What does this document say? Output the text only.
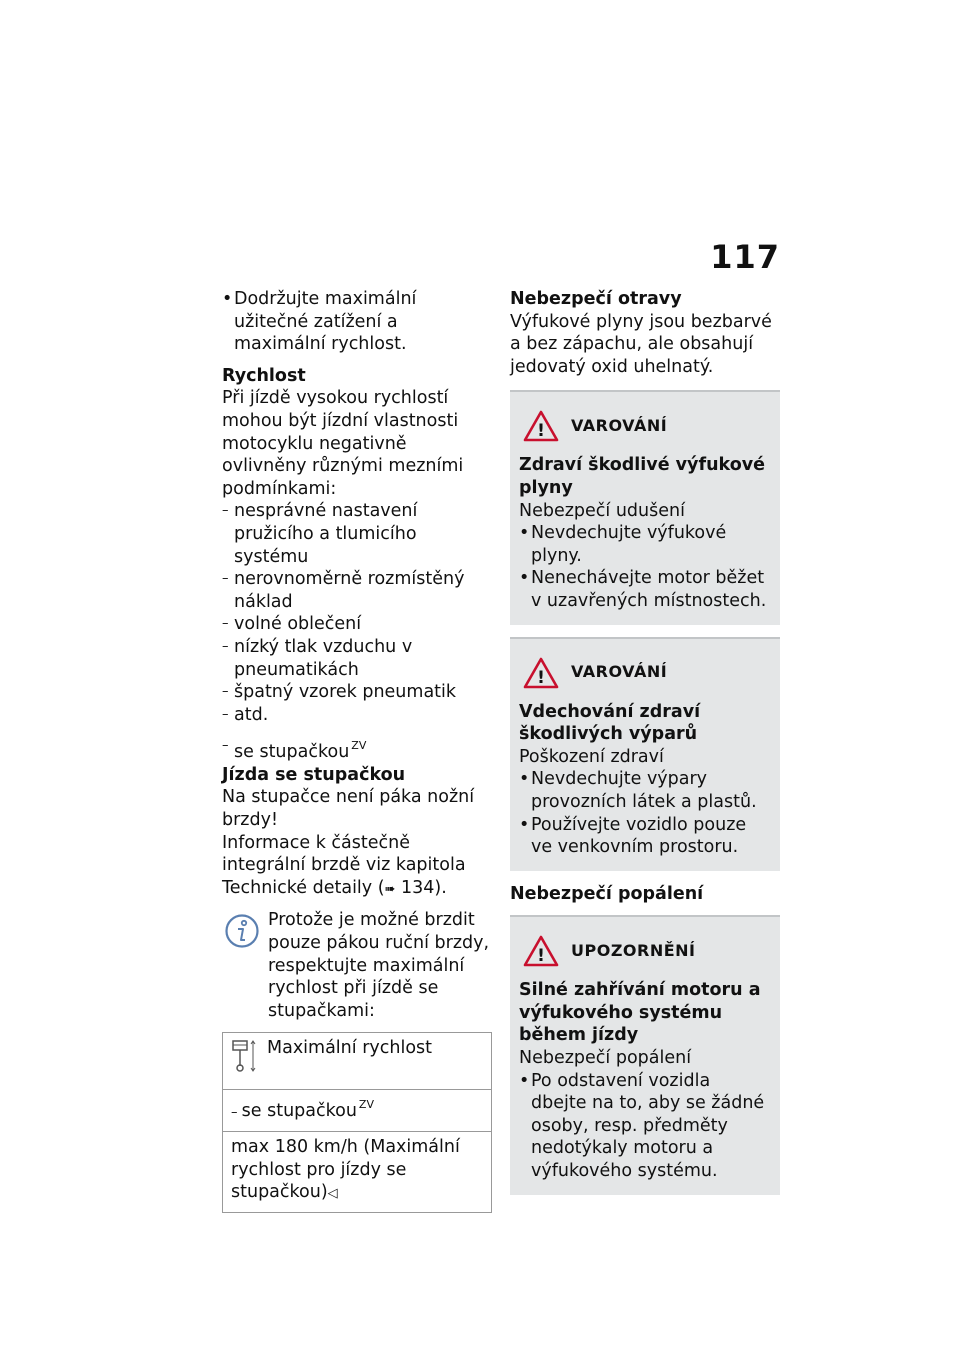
117

• Dodržujte maximální užitečné zatížení a maximální rychlost.

Rychlost

Při jízdě vysokou rychlostí mohou být jízdní vlastnosti motocyklu negativně ovlivněny různými mezními podmínkami:

– nesprávné nastavení pružicího a tlumicího systému

– nerovnoměrně rozmístěný náklad

– volné oblečení

– nízký tlak vzduchu v pneumatikách

– špatný vzorek pneumatik

– atd.

– se stupačkou $^{ZV}$

Jízda se stupačkou

Na stupačce není páka nožní brzdy!

Informace k částečně integrální brzdě viz kapitola Technické detaily (➠ 134).

Protože je možné brzdit pouze pákou ruční brzdy, respektujte maximální rychlost při jízdě se stupačkami:
Maximální rychlost
– se stupačkou $^{ZV}$
max 180 km/h (Maximální rychlost pro jízdy se stupačkou)◁
Nebezpečí otravy

Výfukové plyny jsou bezbarvé a bez zápachu, ale obsahují jedovatý oxid uhelnatý.

! VAROVÁNÍ
Zdraví škodlivé výfukové plyny

Nebezpečí udušení

• Nevdechujte výfukové plyny.

• Nenechávejte motor běžet v uzavřených místnostech.

! VAROVÁNÍ
Vdechování zdraví škodlivých výparů

Poškození zdraví

• Nevdechujte výpary provozních látek a plastů.

• Používejte vozidlo pouze ve venkovním prostoru.

Nebezpečí popálení
! UPOZORNĚNÍ
Silné zahřívání motoru a výfukového systému během jízdy

Nebezpečí popálení

• Po odstavení vozidla dbejte na to, aby se žádné osoby, resp. předměty nedotýkaly motoru a výfukového systému.
